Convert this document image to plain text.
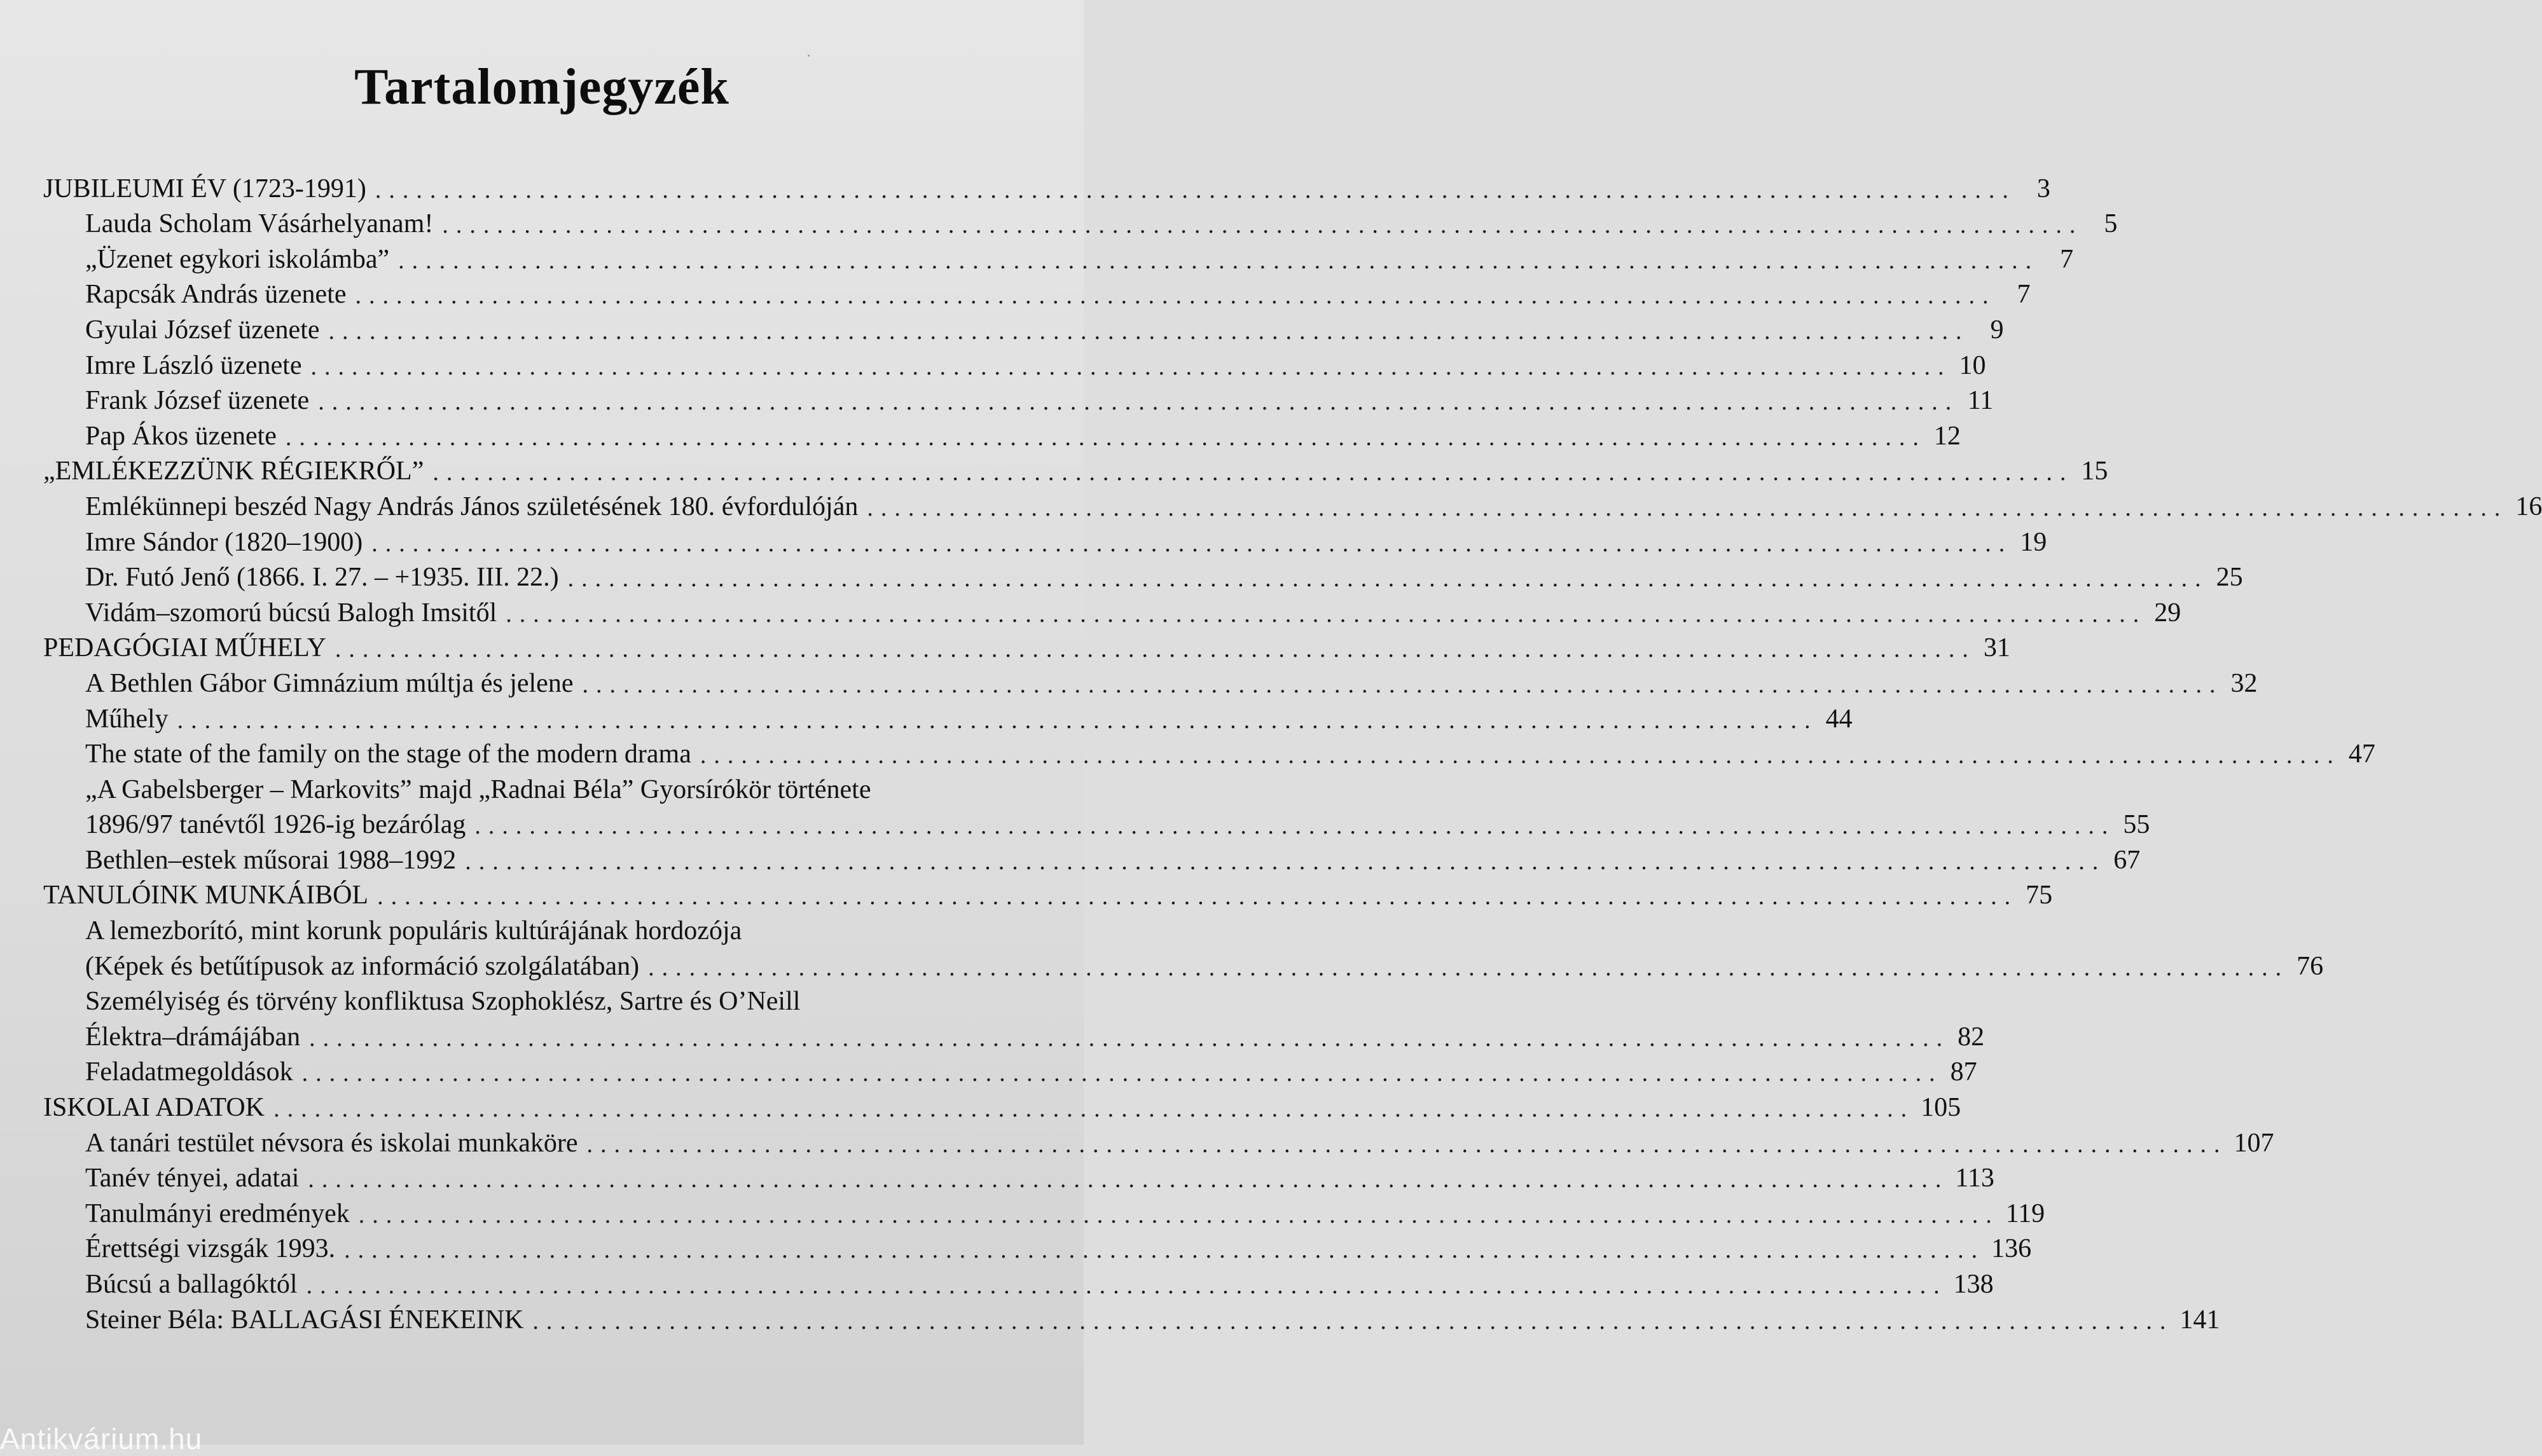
Tartalomjegyzék
JUBILEUMI ÉV (1723-1991) ........................................................................................................................ 3
Lauda Scholam Vásárhelyanam! ........................................................................................................................ 5
„Üzenet egykori iskolámba” ........................................................................................................................ 7
Rapcsák András üzenete ........................................................................................................................ 7
Gyulai József üzenete ........................................................................................................................ 9
Imre László üzenete ........................................................................................................................ 10
Frank József üzenete ........................................................................................................................ 11
Pap Ákos üzenete ........................................................................................................................ 12
„EMLÉKEZZÜNK RÉGIEKRŐL” ........................................................................................................................ 15
Emlékünnepi beszéd Nagy András János születésének 180. évfordulóján ........................................................................................................................ 16
Imre Sándor (1820–1900) ........................................................................................................................ 19
Dr. Futó Jenő (1866. I. 27. – +1935. III. 22.) ........................................................................................................................ 25
Vidám–szomorú búcsú Balogh Imsitől ........................................................................................................................ 29
PEDAGÓGIAI MŰHELY ........................................................................................................................ 31
A Bethlen Gábor Gimnázium múltja és jelene ........................................................................................................................ 32
Műhely ........................................................................................................................ 44
The state of the family on the stage of the modern drama ........................................................................................................................ 47
„A Gabelsberger – Markovits” majd „Radnai Béla” Gyorsírókör története
1896/97 tanévtől 1926-ig bezárólag ........................................................................................................................ 55
Bethlen–estek műsorai 1988–1992 ........................................................................................................................ 67
TANULÓINK MUNKÁIBÓL ........................................................................................................................ 75
A lemezborító, mint korunk populáris kultúrájának hordozója
(Képek és betűtípusok az információ szolgálatában) ........................................................................................................................ 76
Személyiség és törvény konfliktusa Szophoklész, Sartre és O’Neill
Élektra–drámájában ........................................................................................................................ 82
Feladatmegoldások ........................................................................................................................ 87
ISKOLAI ADATOK ........................................................................................................................ 105
A tanári testület névsora és iskolai munkaköre ........................................................................................................................ 107
Tanév tényei, adatai ........................................................................................................................ 113
Tanulmányi eredmények ........................................................................................................................ 119
Érettségi vizsgák 1993. ........................................................................................................................ 136
Búcsú a ballagóktól ........................................................................................................................ 138
Steiner Béla: BALLAGÁSI ÉNEKEINK ........................................................................................................................ 141
Antikvárium.hu
